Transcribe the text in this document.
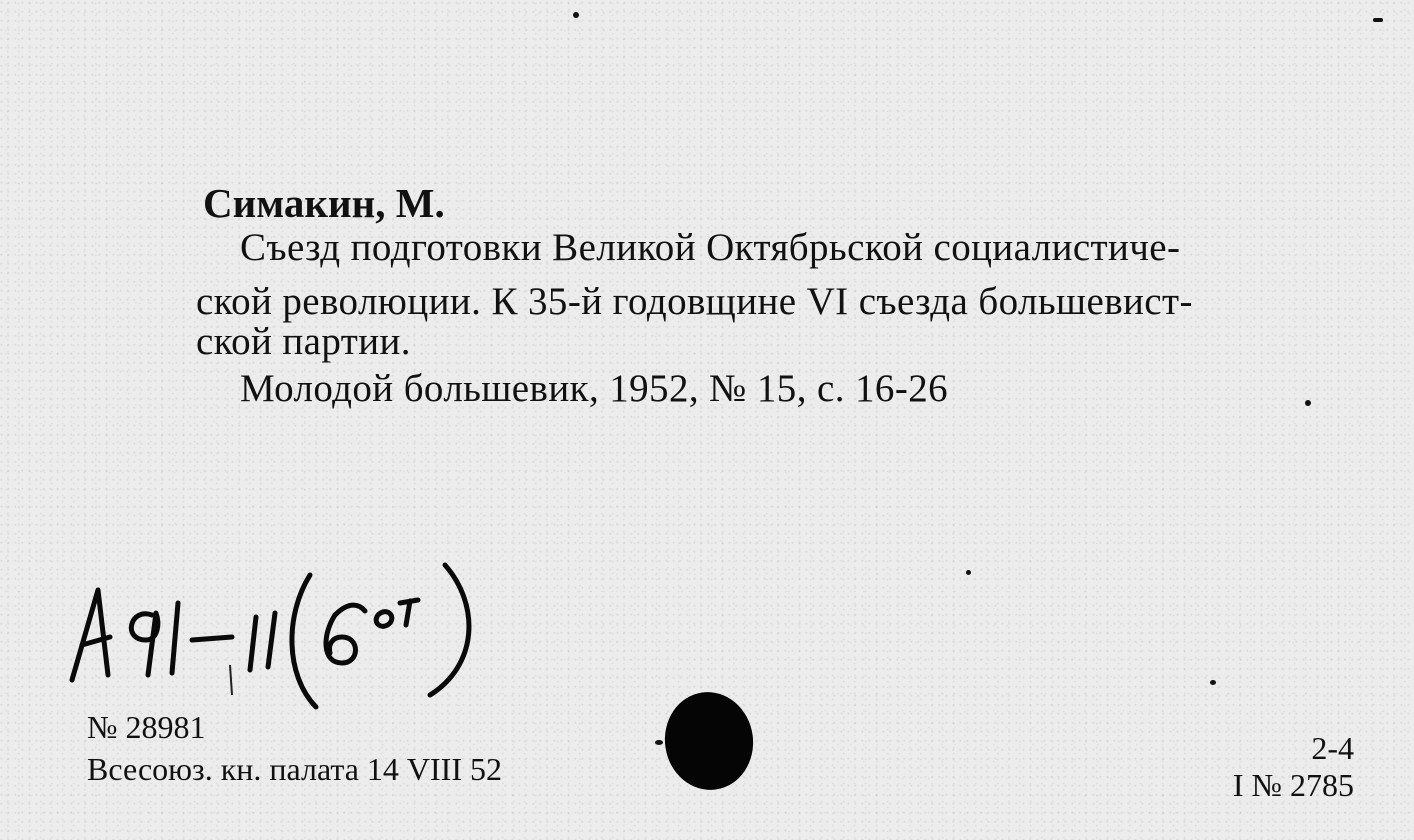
Симакин, М.
Съезд подготовки Великой Октябрьской социалистиче-
ской революции. К 35-й годовщине VI съезда большевист-
ской партии.
Молодой большевик, 1952, № 15, с. 16-26
№ 28981
Всесоюз. кн. палата 14 VIII 52
2-4
I № 2785
